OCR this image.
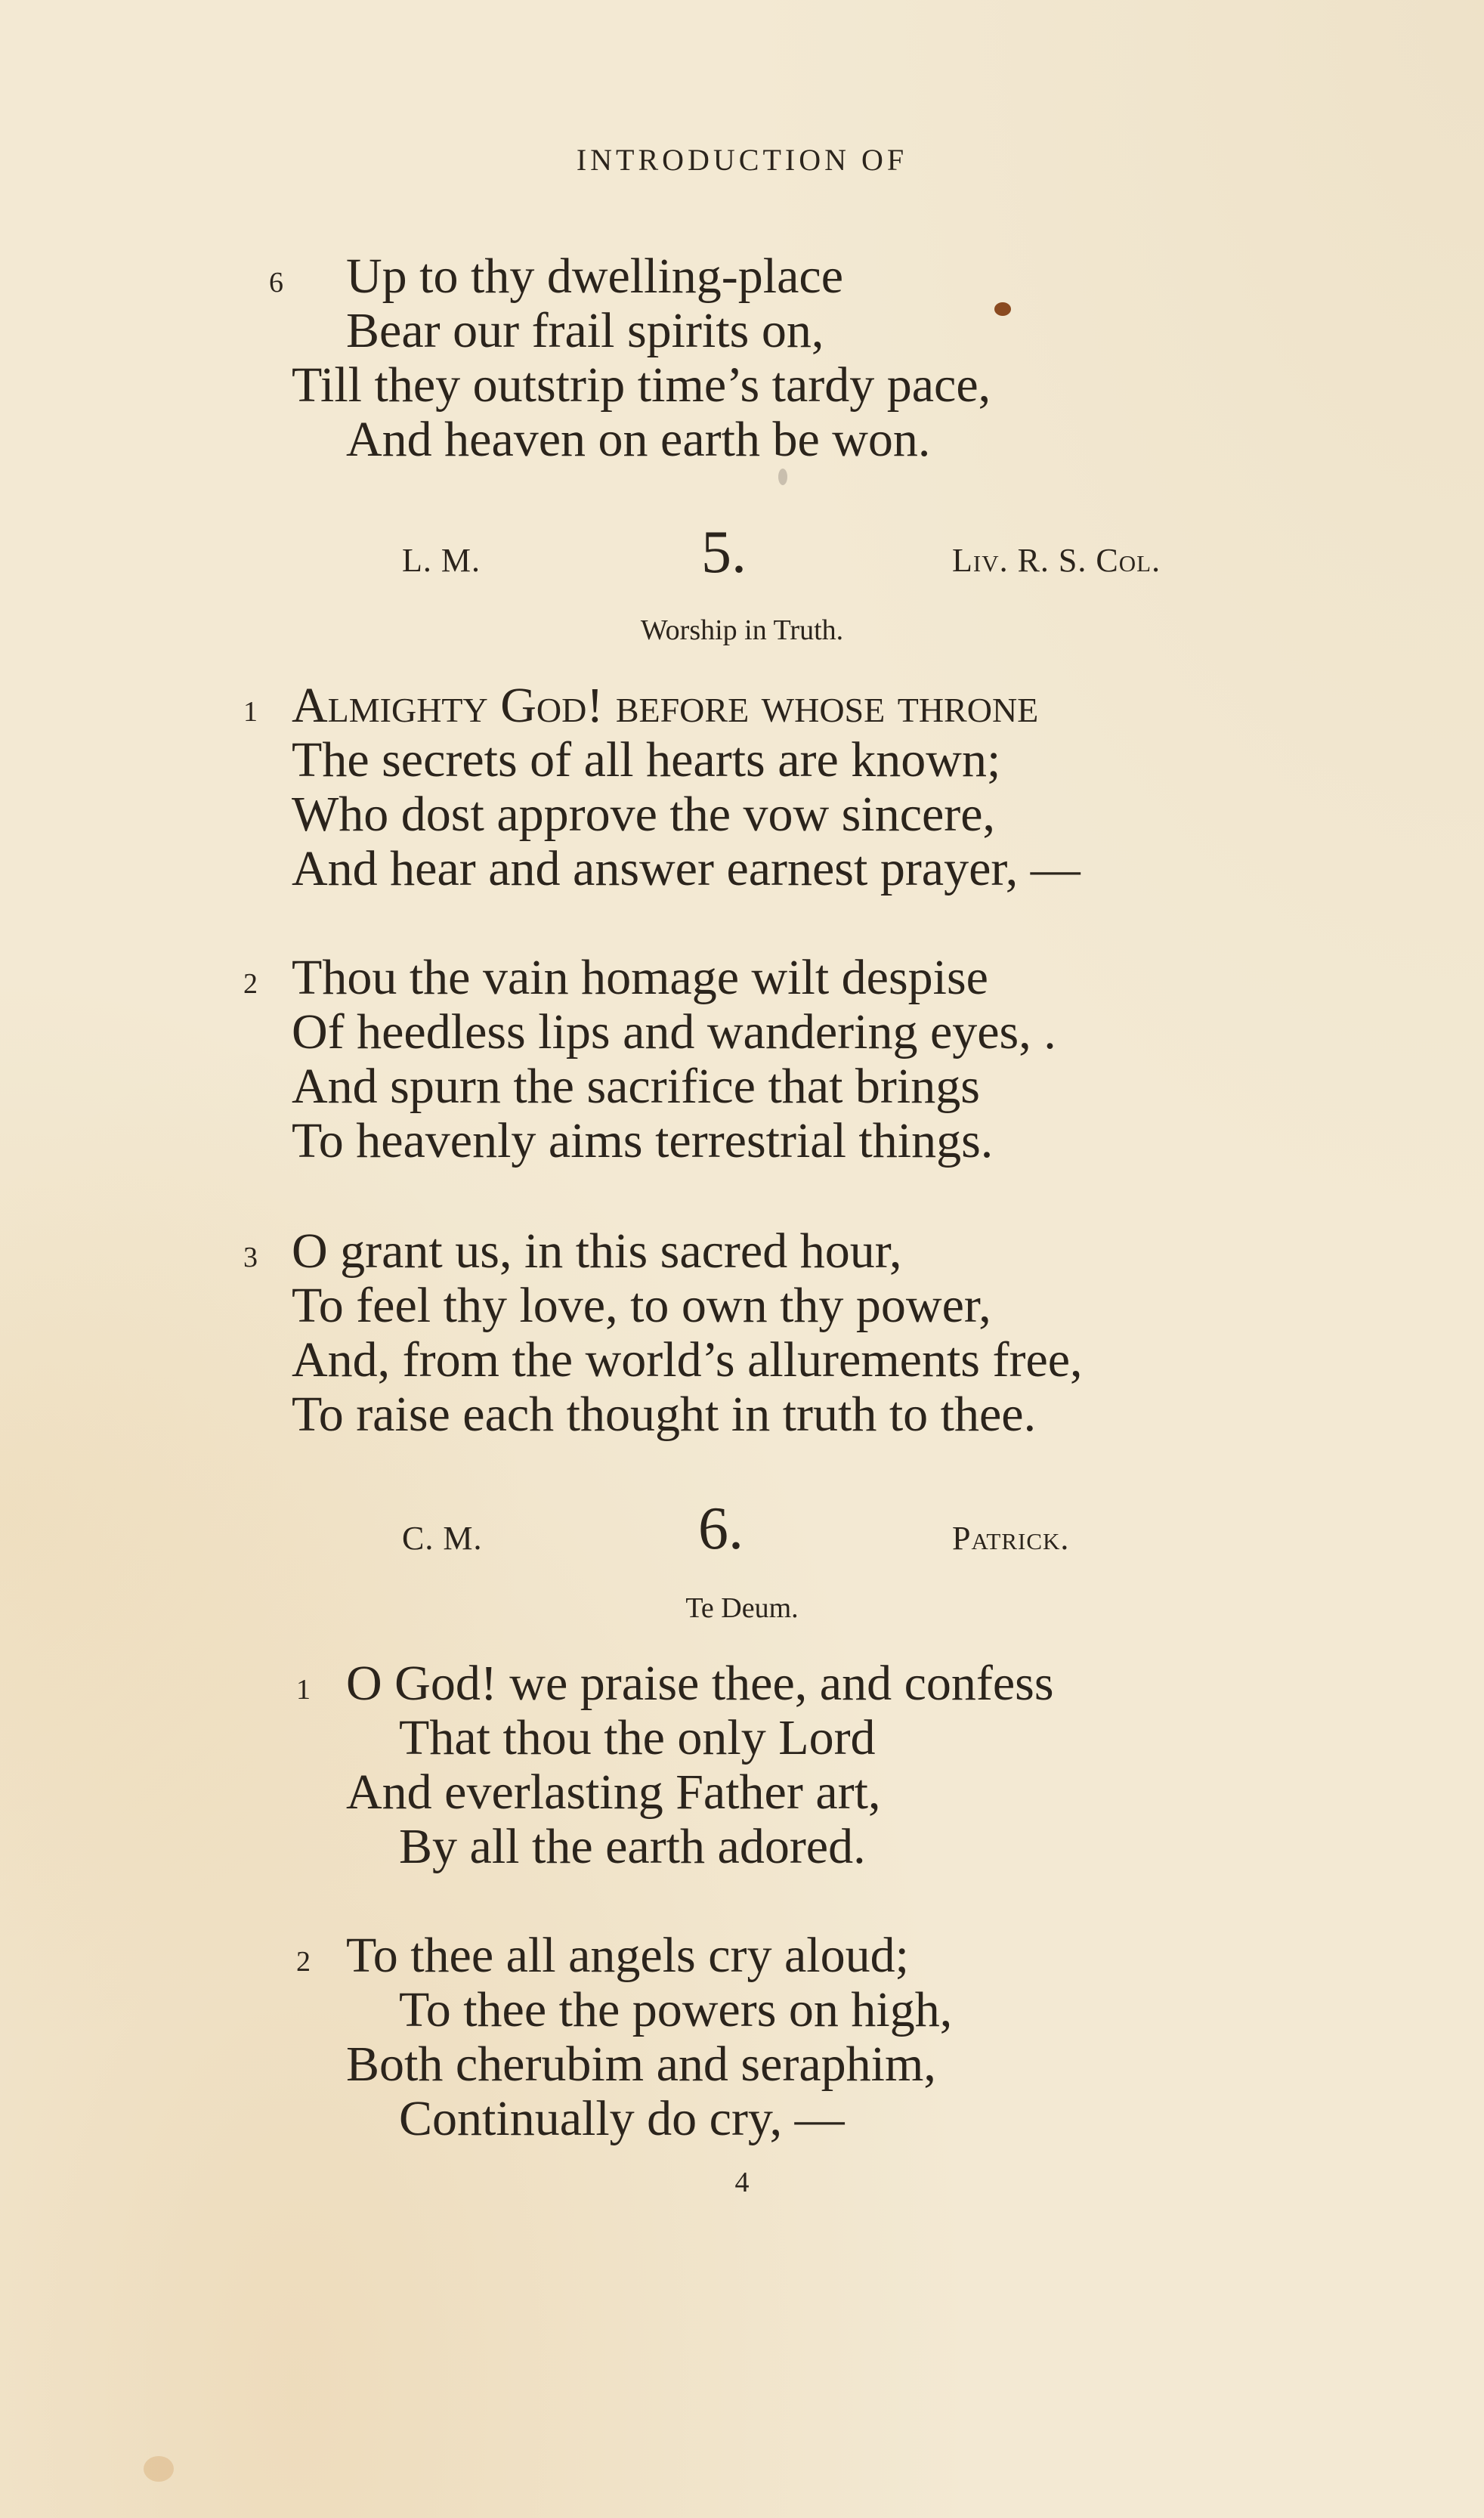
INTRODUCTION OF
6 Up to thy dwelling-place
Bear our frail spirits on,
Till they outstrip time’s tardy pace,
And heaven on earth be won.
L. M.	5.	Liv. R. S. Col.
Worship in Truth.
1 Almighty God! before whose throne
The secrets of all hearts are known;
Who dost approve the vow sincere,
And hear and answer earnest prayer, —
2 Thou the vain homage wilt despise
Of heedless lips and wandering eyes, .
And spurn the sacrifice that brings
To heavenly aims terrestrial things.
3 O grant us, in this sacred hour,
To feel thy love, to own thy power,
And, from the world’s allurements free,
To raise each thought in truth to thee.
C. M.	6.	Patrick.
Te Deum.
1 O God! we praise thee, and confess
That thou the only Lord
And everlasting Father art,
By all the earth adored.
2 To thee all angels cry aloud;
To thee the powers on high,
Both cherubim and seraphim,
Continually do cry, —
4
